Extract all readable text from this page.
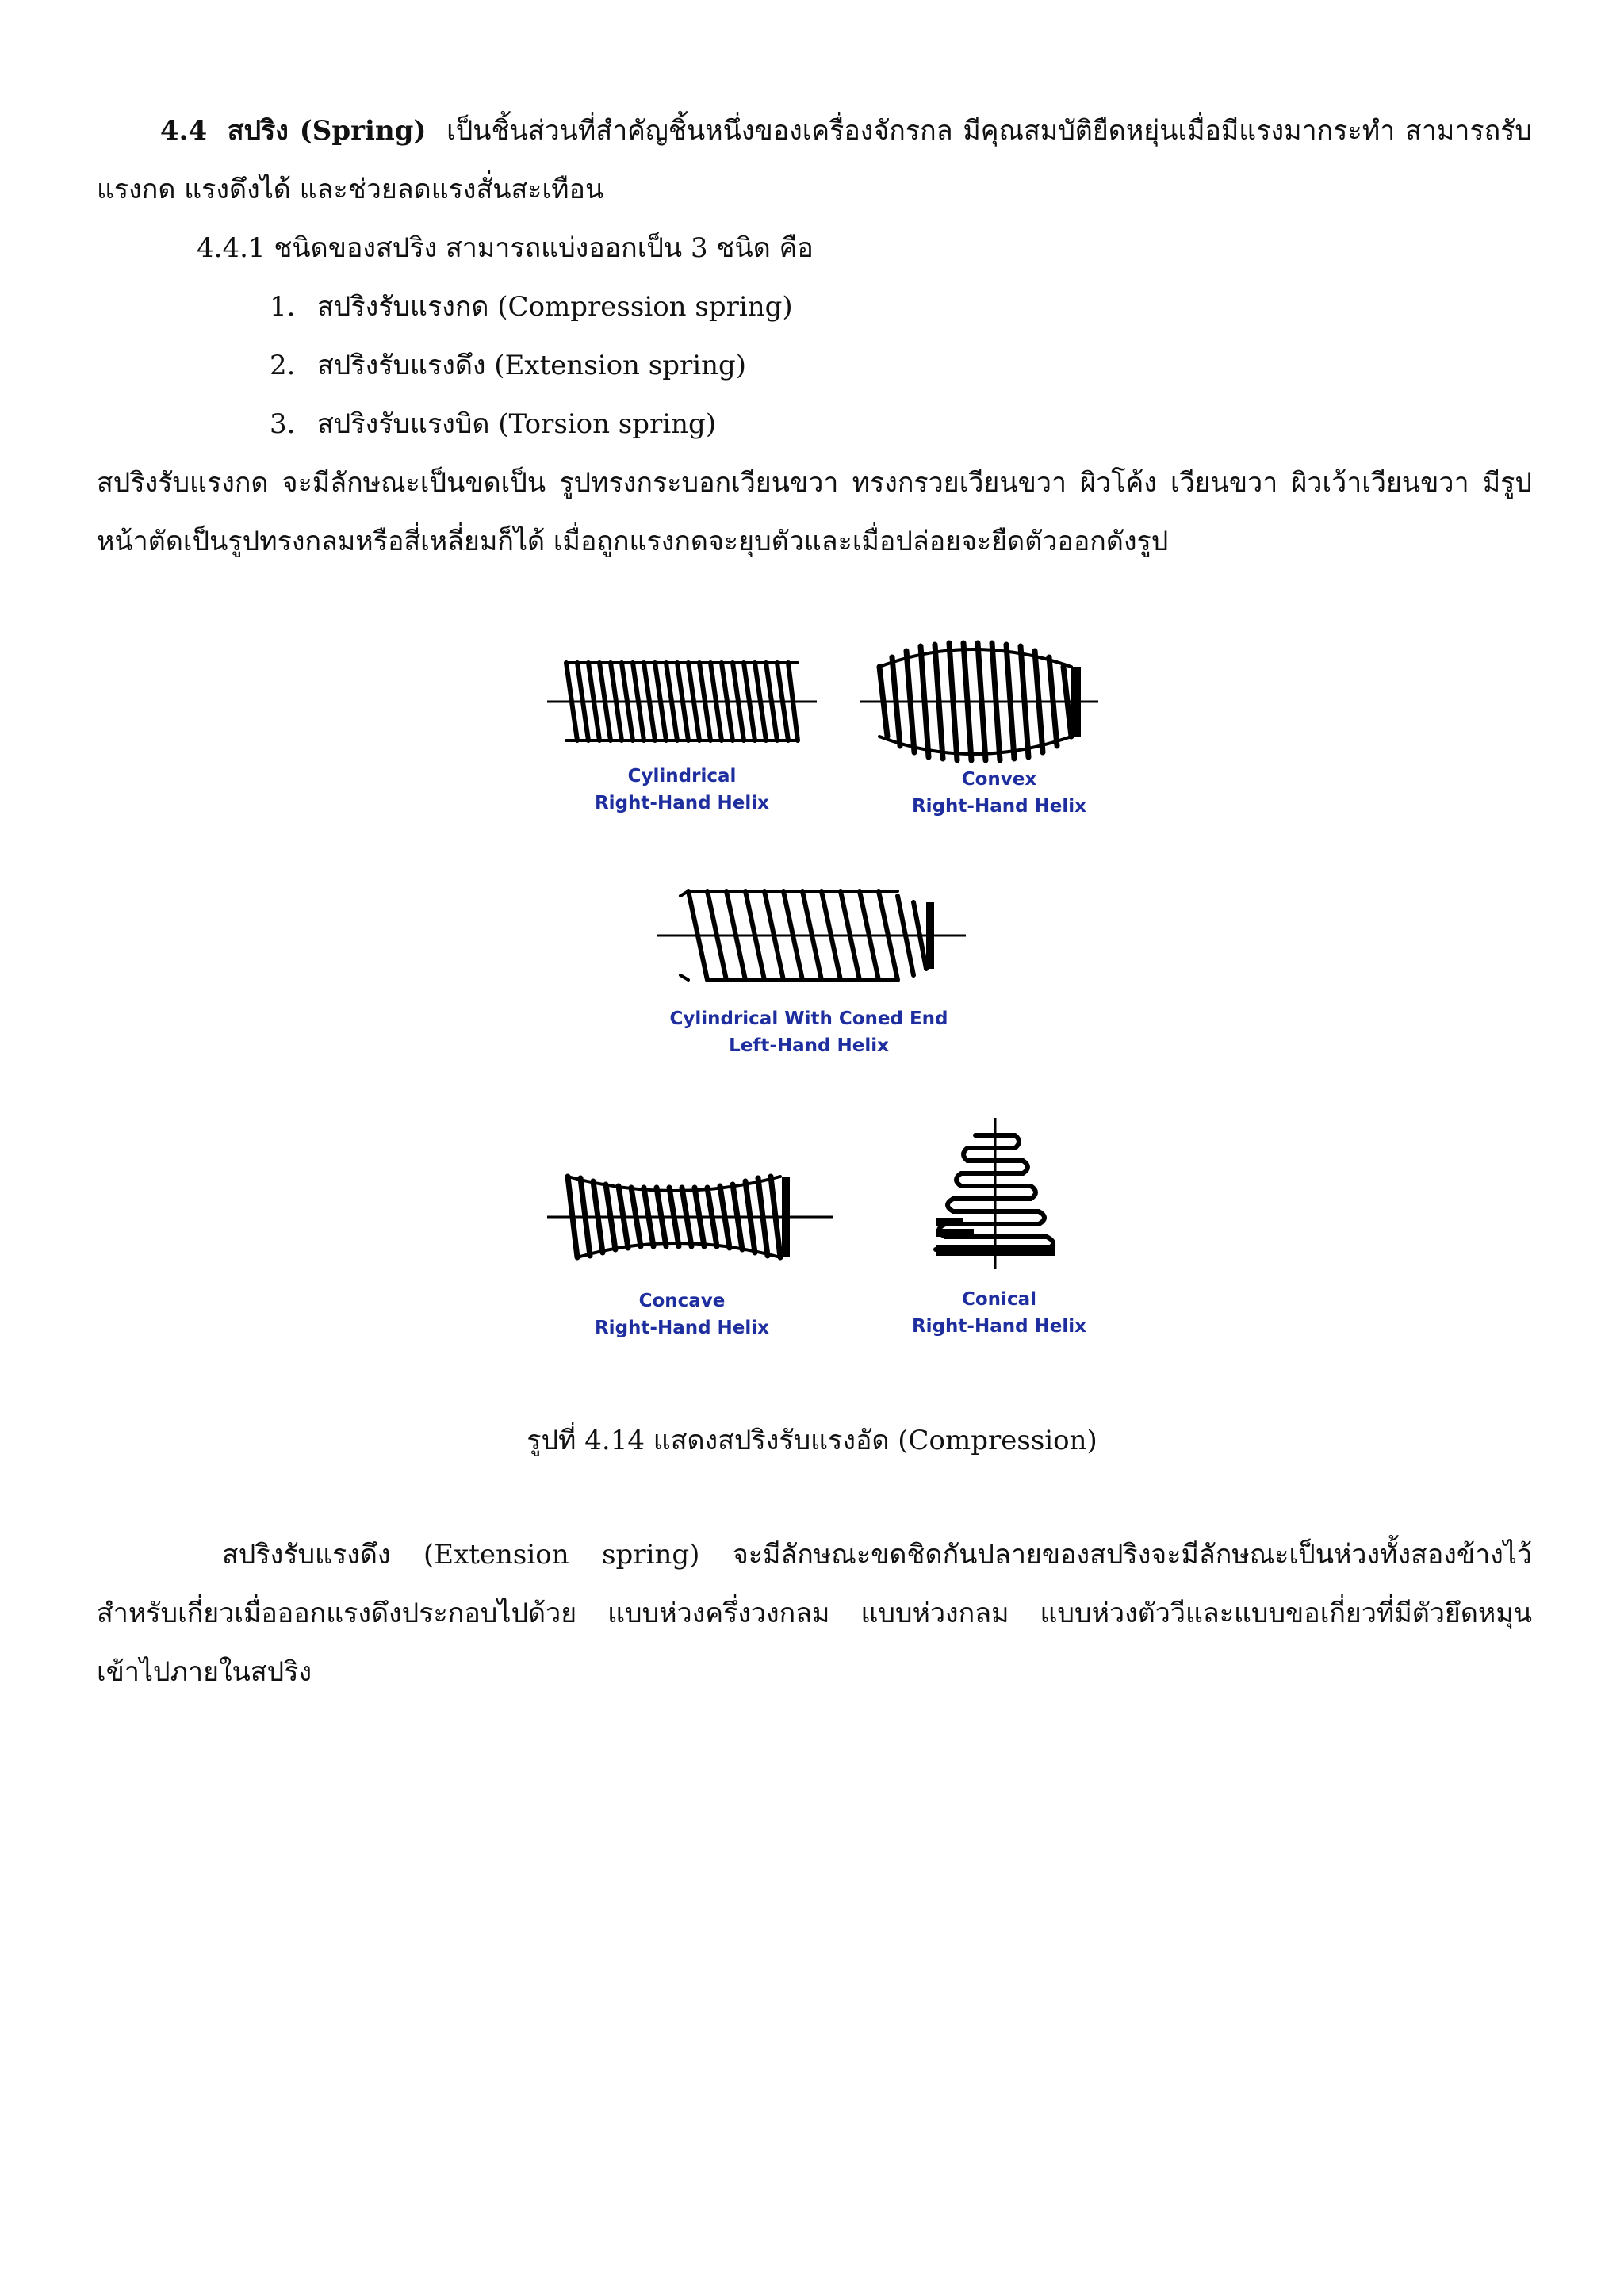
4.4 สปริง (Spring) เป็นชิ้นส่วนที่สำคัญชิ้นหนึ่งของเครื่องจักรกล มีคุณสมบัติยืดหยุ่นเมื่อมีแรงมากระทำ สามารถรับแรงกด แรงดึงได้ และช่วยลดแรงสั่นสะเทือน
4.4.1 ชนิดของสปริง สามารถแบ่งออกเป็น 3 ชนิด คือ
1. สปริงรับแรงกด (Compression spring)
2. สปริงรับแรงดึง (Extension spring)
3. สปริงรับแรงบิด (Torsion spring)
สปริงรับแรงกด จะมีลักษณะเป็นขดเป็น รูปทรงกระบอกเวียนขวา ทรงกรวยเวียนขวา ผิวโค้ง เวียนขวา ผิวเว้าเวียนขวา มีรูปหน้าตัดเป็นรูปทรงกลมหรือสี่เหลี่ยมก็ได้ เมื่อถูกแรงกดจะยุบตัวและเมื่อปล่อยจะยืดตัวออกดังรูป
Cylindrical
Right-Hand Helix
Convex
Right-Hand Helix
Cylindrical With Coned End
Left-Hand Helix
Concave
Right-Hand Helix
Conical
Right-Hand Helix
รูปที่ 4.14 แสดงสปริงรับแรงอัด (Compression)
สปริงรับแรงดึง (Extension spring) จะมีลักษณะขดชิดกันปลายของสปริงจะมีลักษณะเป็นห่วงทั้งสองข้างไว้สำหรับเกี่ยวเมื่อออกแรงดึงประกอบไปด้วย แบบห่วงครึ่งวงกลม แบบห่วงกลม แบบห่วงตัววีและแบบขอเกี่ยวที่มีตัวยึดหมุนเข้าไปภายในสปริง
